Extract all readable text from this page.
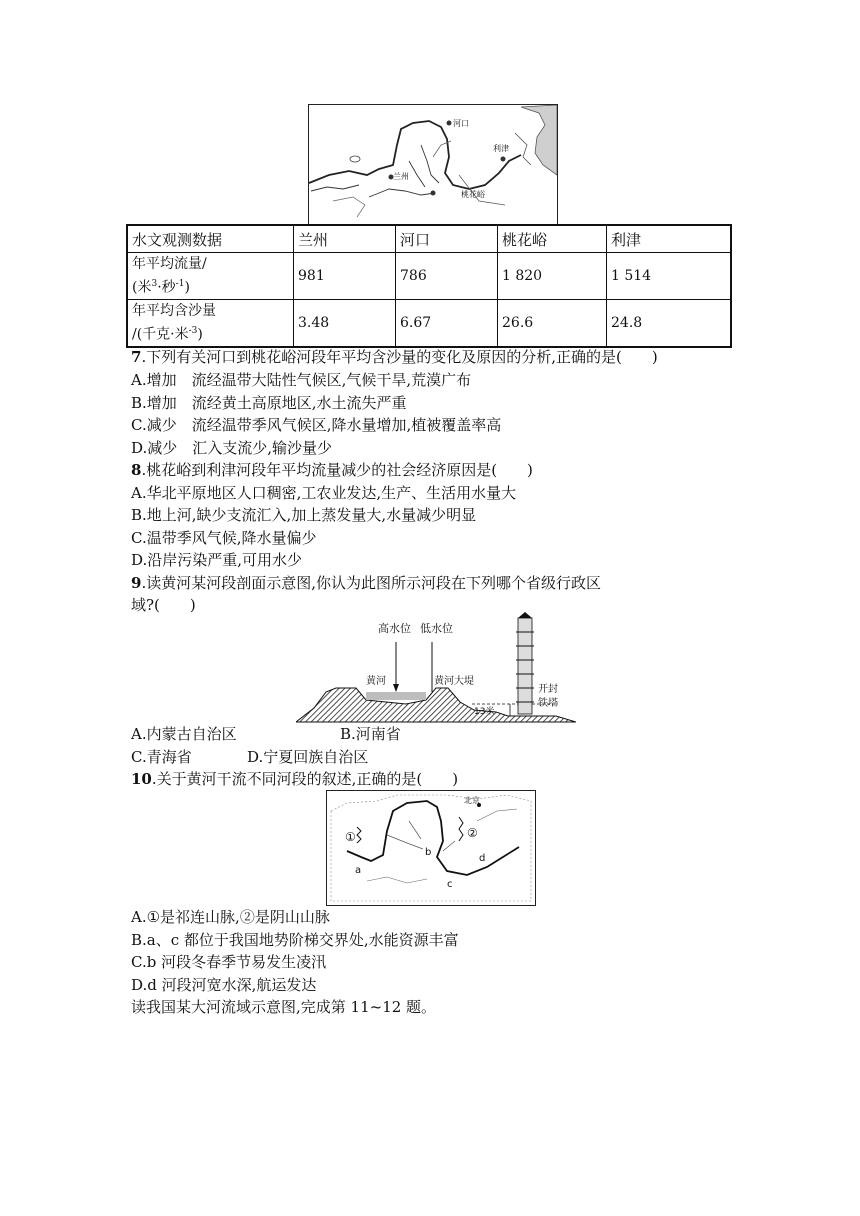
河口
利津
兰州
桃花峪
水文观测数据	兰州	河口	桃花峪	利津
年平均流量/
(米$^3$·秒$^{-1}$)	981	786	1 820	1 514
年平均含沙量
/(千克·米$^{-3}$)	3.48	6.67	26.6	24.8
7.下列有关河口到桃花峪河段年平均含沙量的变化及原因的分析,正确的是(　　)
A.增加　流经温带大陆性气候区,气候干旱,荒漠广布
B.增加　流经黄土高原地区,水土流失严重
C.减少　流经温带季风气候区,降水量增加,植被覆盖率高
D.减少　汇入支流少,输沙量少
8.桃花峪到利津河段年平均流量减少的社会经济原因是(　　)
A.华北平原地区人口稠密,工农业发达,生产、生活用水量大
B.地上河,缺少支流汇入,加上蒸发量大,水量减少明显
C.温带季风气候,降水量偏少
D.沿岸污染严重,可用水少
9.读黄河某河段剖面示意图,你认为此图所示河段在下列哪个省级行政区
域?(　　)
高水位 低水位
黄河	黄河大堤
开封
铁塔
13米
A.内蒙古自治区	B.河南省
C.青海省	D.宁夏回族自治区
10.关于黄河干流不同河段的叙述,正确的是(　　)
北京
①	②
a
b
c
d
A.①是祁连山脉,②是阴山山脉
B.a、c 都位于我国地势阶梯交界处,水能资源丰富
C.b 河段冬春季节易发生凌汛
D.d 河段河宽水深,航运发达
读我国某大河流域示意图,完成第 11~12 题。
